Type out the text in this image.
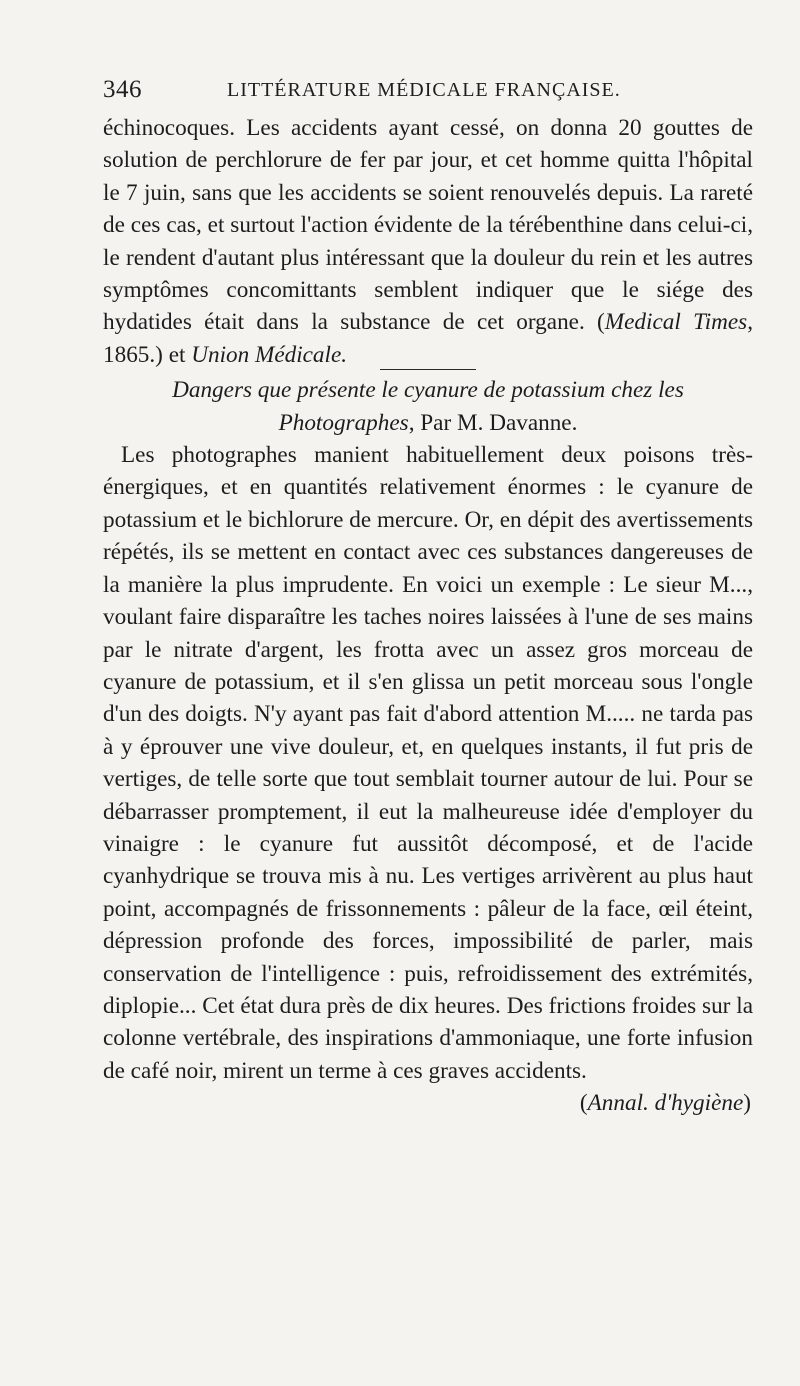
346	LITTÉRATURE MÉDICALE FRANÇAISE.

échinocoques. Les accidents ayant cessé, on donna 20 gouttes de solution de perchlorure de fer par jour, et cet homme quitta l'hôpital le 7 juin, sans que les accidents se soient renouvelés depuis. La rareté de ces cas, et surtout l'action évidente de la térébenthine dans celui-ci, le rendent d'autant plus intéressant que la douleur du rein et les autres symptômes concomittants semblent indiquer que le siége des hydatides était dans la substance de cet organe. (Medical Times, 1865.) et Union Médicale.

Dangers que présente le cyanure de potassium chez les Photographes, Par M. Davanne.

Les photographes manient habituellement deux poisons très-énergiques, et en quantités relativement énormes : le cyanure de potassium et le bichlorure de mercure. Or, en dépit des avertissements répétés, ils se mettent en contact avec ces substances dangereuses de la manière la plus imprudente. En voici un exemple : Le sieur M..., voulant faire disparaître les taches noires laissées à l'une de ses mains par le nitrate d'argent, les frotta avec un assez gros morceau de cyanure de potassium, et il s'en glissa un petit morceau sous l'ongle d'un des doigts. N'y ayant pas fait d'abord attention M..... ne tarda pas à y éprouver une vive douleur, et, en quelques instants, il fut pris de vertiges, de telle sorte que tout semblait tourner autour de lui. Pour se débarrasser promptement, il eut la malheureuse idée d'employer du vinaigre : le cyanure fut aussitôt décomposé, et de l'acide cyanhydrique se trouva mis à nu. Les vertiges arrivèrent au plus haut point, accompagnés de frissonnements : pâleur de la face, œil éteint, dépression profonde des forces, impossibilité de parler, mais conservation de l'intelligence : puis, refroidissement des extrémités, diplopie... Cet état dura près de dix heures. Des frictions froides sur la colonne vertébrale, des inspirations d'ammoniaque, une forte infusion de café noir, mirent un terme à ces graves accidents.

(Annal. d'hygiène)
